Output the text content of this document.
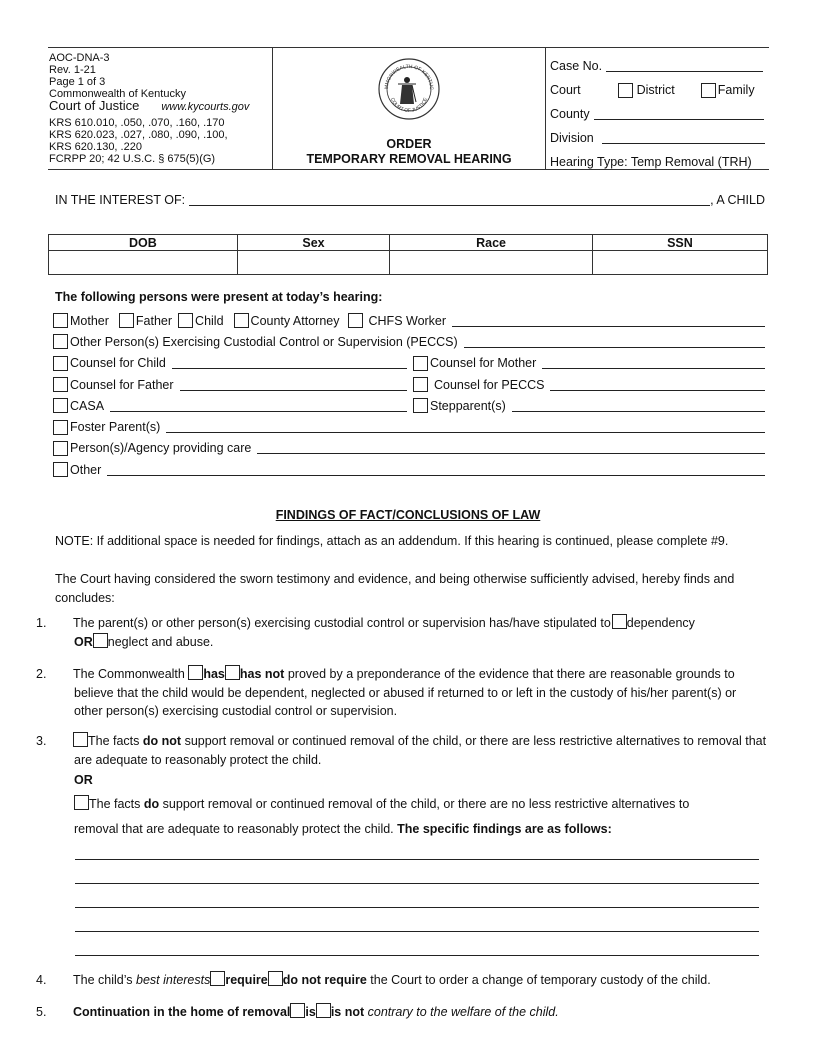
AOC-DNA-3
Rev. 1-21
Page 1 of 3
Commonwealth of Kentucky
Court of Justice www.kycourts.gov
KRS 610.010, .050, .070, .160, .170
KRS 620.023, .027, .080, .090, .100,
KRS 620.130, .220
FCRPP 20; 42 U.S.C. § 675(5)(G)
MMONWEALTH OF KENTUC
COURT OF JUSTICE
ORDER
TEMPORARY REMOVAL HEARING
Case No.
Court	District	Family
County
Division
Hearing Type: Temp Removal (TRH)
IN THE INTEREST OF:	, A CHILD
DOB	Sex	Race	SSN

The following persons were present at today’s hearing:
Mother Father Child County Attorney CHFS Worker
Other Person(s) Exercising Custodial Control or Supervision (PECCS)
Counsel for Child	Counsel for Mother
Counsel for Father	Counsel for PECCS
CASA	Stepparent(s)
Foster Parent(s)
Person(s)/Agency providing care
Other
FINDINGS OF FACT/CONCLUSIONS OF LAW
NOTE: If additional space is needed for findings, attach as an addendum. If this hearing is continued, please complete #9.
The Court having considered the sworn testimony and evidence, and being otherwise sufficiently advised, hereby finds and concludes:
1. The parent(s) or other person(s) exercising custodial control or supervision has/have stipulated to dependency
OR neglect and abuse.
2. The Commonwealth has has not proved by a preponderance of the evidence that there are reasonable grounds to believe that the child would be dependent, neglected or abused if returned to or left in the custody of his/her parent(s) or other person(s) exercising custodial control or supervision.
3.	The facts do not support removal or continued removal of the child, or there are less restrictive alternatives to removal that are adequate to reasonably protect the child.
OR
The facts do support removal or continued removal of the child, or there are no less restrictive alternatives to
removal that are adequate to reasonably protect the child. The specific findings are as follows:
4. The child’s best interests require do not require the Court to order a change of temporary custody of the child.
5. Continuation in the home of removal is is not contrary to the welfare of the child.
